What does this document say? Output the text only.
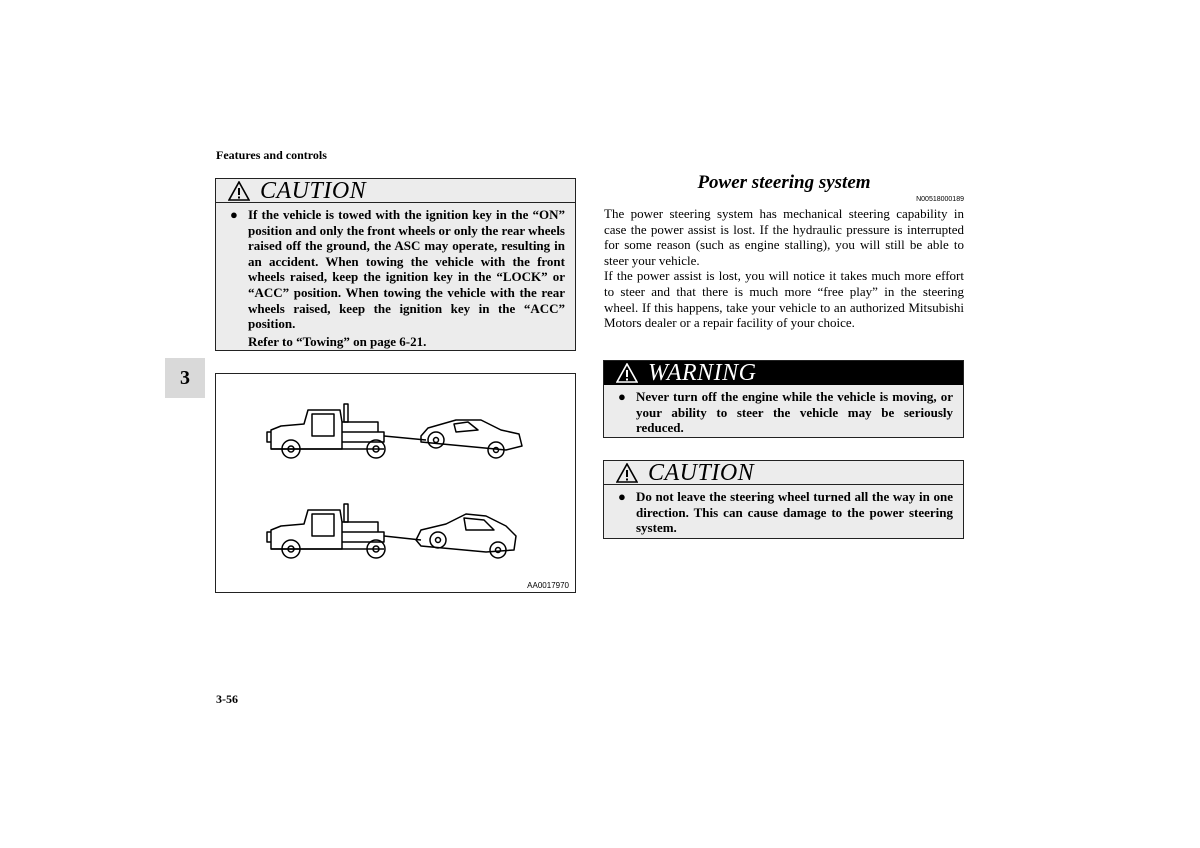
Features and controls
3
CAUTION
● If the vehicle is towed with the ignition key in the “ON” position and only the front wheels or only the rear wheels raised off the ground, the ASC may operate, resulting in an accident. When towing the vehicle with the front wheels raised, keep the ignition key in the “LOCK” or “ACC” position. When towing the vehicle with the rear wheels raised, keep the ignition key in the “ACC” position.
Refer to “Towing” on page 6-21.
AA0017970
Power steering system
N00518000189

The power steering system has mechanical steering capability in case the power assist is lost. If the hydraulic pressure is interrupted for some reason (such as engine stalling), you will still be able to steer your vehicle.

If the power assist is lost, you will notice it takes much more effort to steer and that there is much more “free play” in the steering wheel. If this happens, take your vehicle to an authorized Mitsubishi Motors dealer or a repair facility of your choice.

WARNING
● Never turn off the engine while the vehicle is moving, or your ability to steer the vehicle may be seriously reduced.
CAUTION
● Do not leave the steering wheel turned all the way in one direction. This can cause damage to the power steering system.
3-56
